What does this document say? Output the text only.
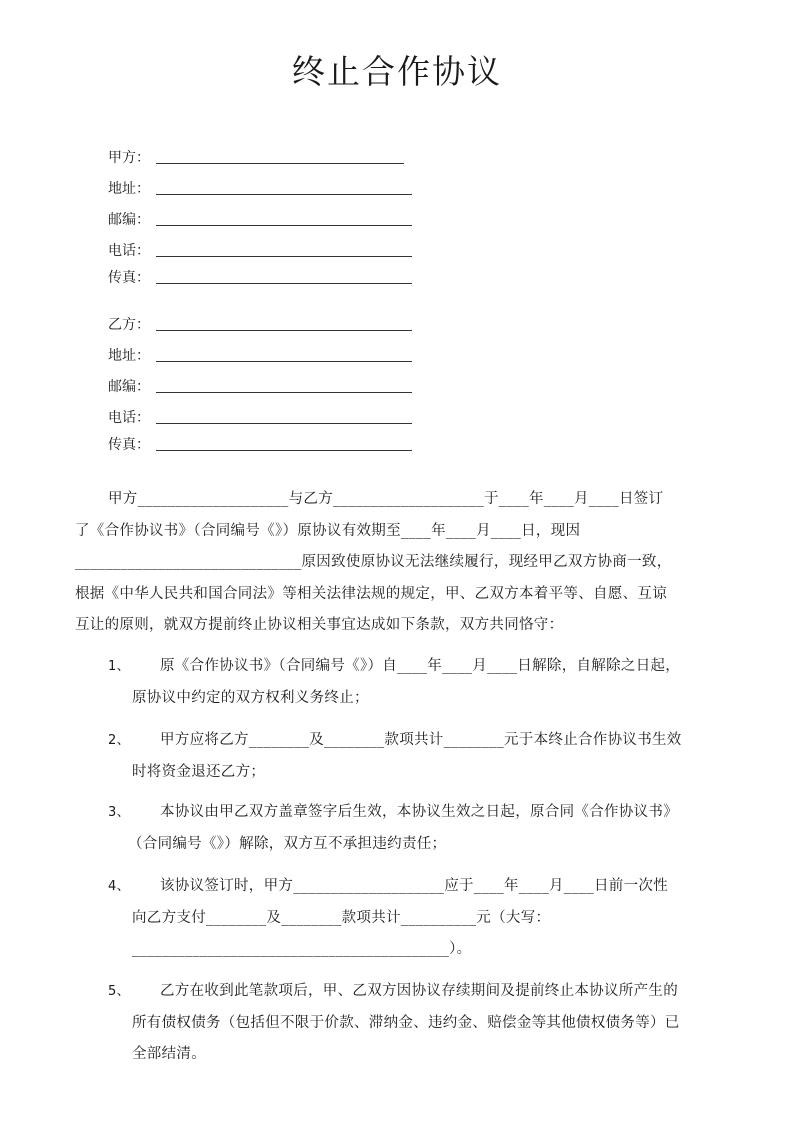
终止合作协议
甲方：
地址：
邮编：
电话：
传真：
乙方：
地址：
邮编：
电话：
传真：
甲方____________________与乙方____________________于____年____月____日签订
了《合作协议书》（合同编号《》）原协议有效期至____年____月____日，现因
______________________________原因致使原协议无法继续履行，现经甲乙双方协商一致，
根据《中华人民共和国合同法》等相关法律法规的规定，甲、乙双方本着平等、自愿、互谅
互让的原则，就双方提前终止协议相关事宜达成如下条款，双方共同恪守：
1、	原《合作协议书》（合同编号《》）自____年____月____日解除，自解除之日起，
原协议中约定的双方权利义务终止；
2、	甲方应将乙方________及________款项共计________元于本终止合作协议书生效
时将资金退还乙方；
3、	本协议由甲乙双方盖章签字后生效，本协议生效之日起，原合同《合作协议书》
（合同编号《》）解除，双方互不承担违约责任；
4、	该协议签订时，甲方____________________应于____年____月____日前一次性
向乙方支付________及________款项共计__________元（大写：
__________________________________________）。
5、	乙方在收到此笔款项后，甲、乙双方因协议存续期间及提前终止本协议所产生的
所有债权债务（包括但不限于价款、滞纳金、违约金、赔偿金等其他债权债务等）已
全部结清。
